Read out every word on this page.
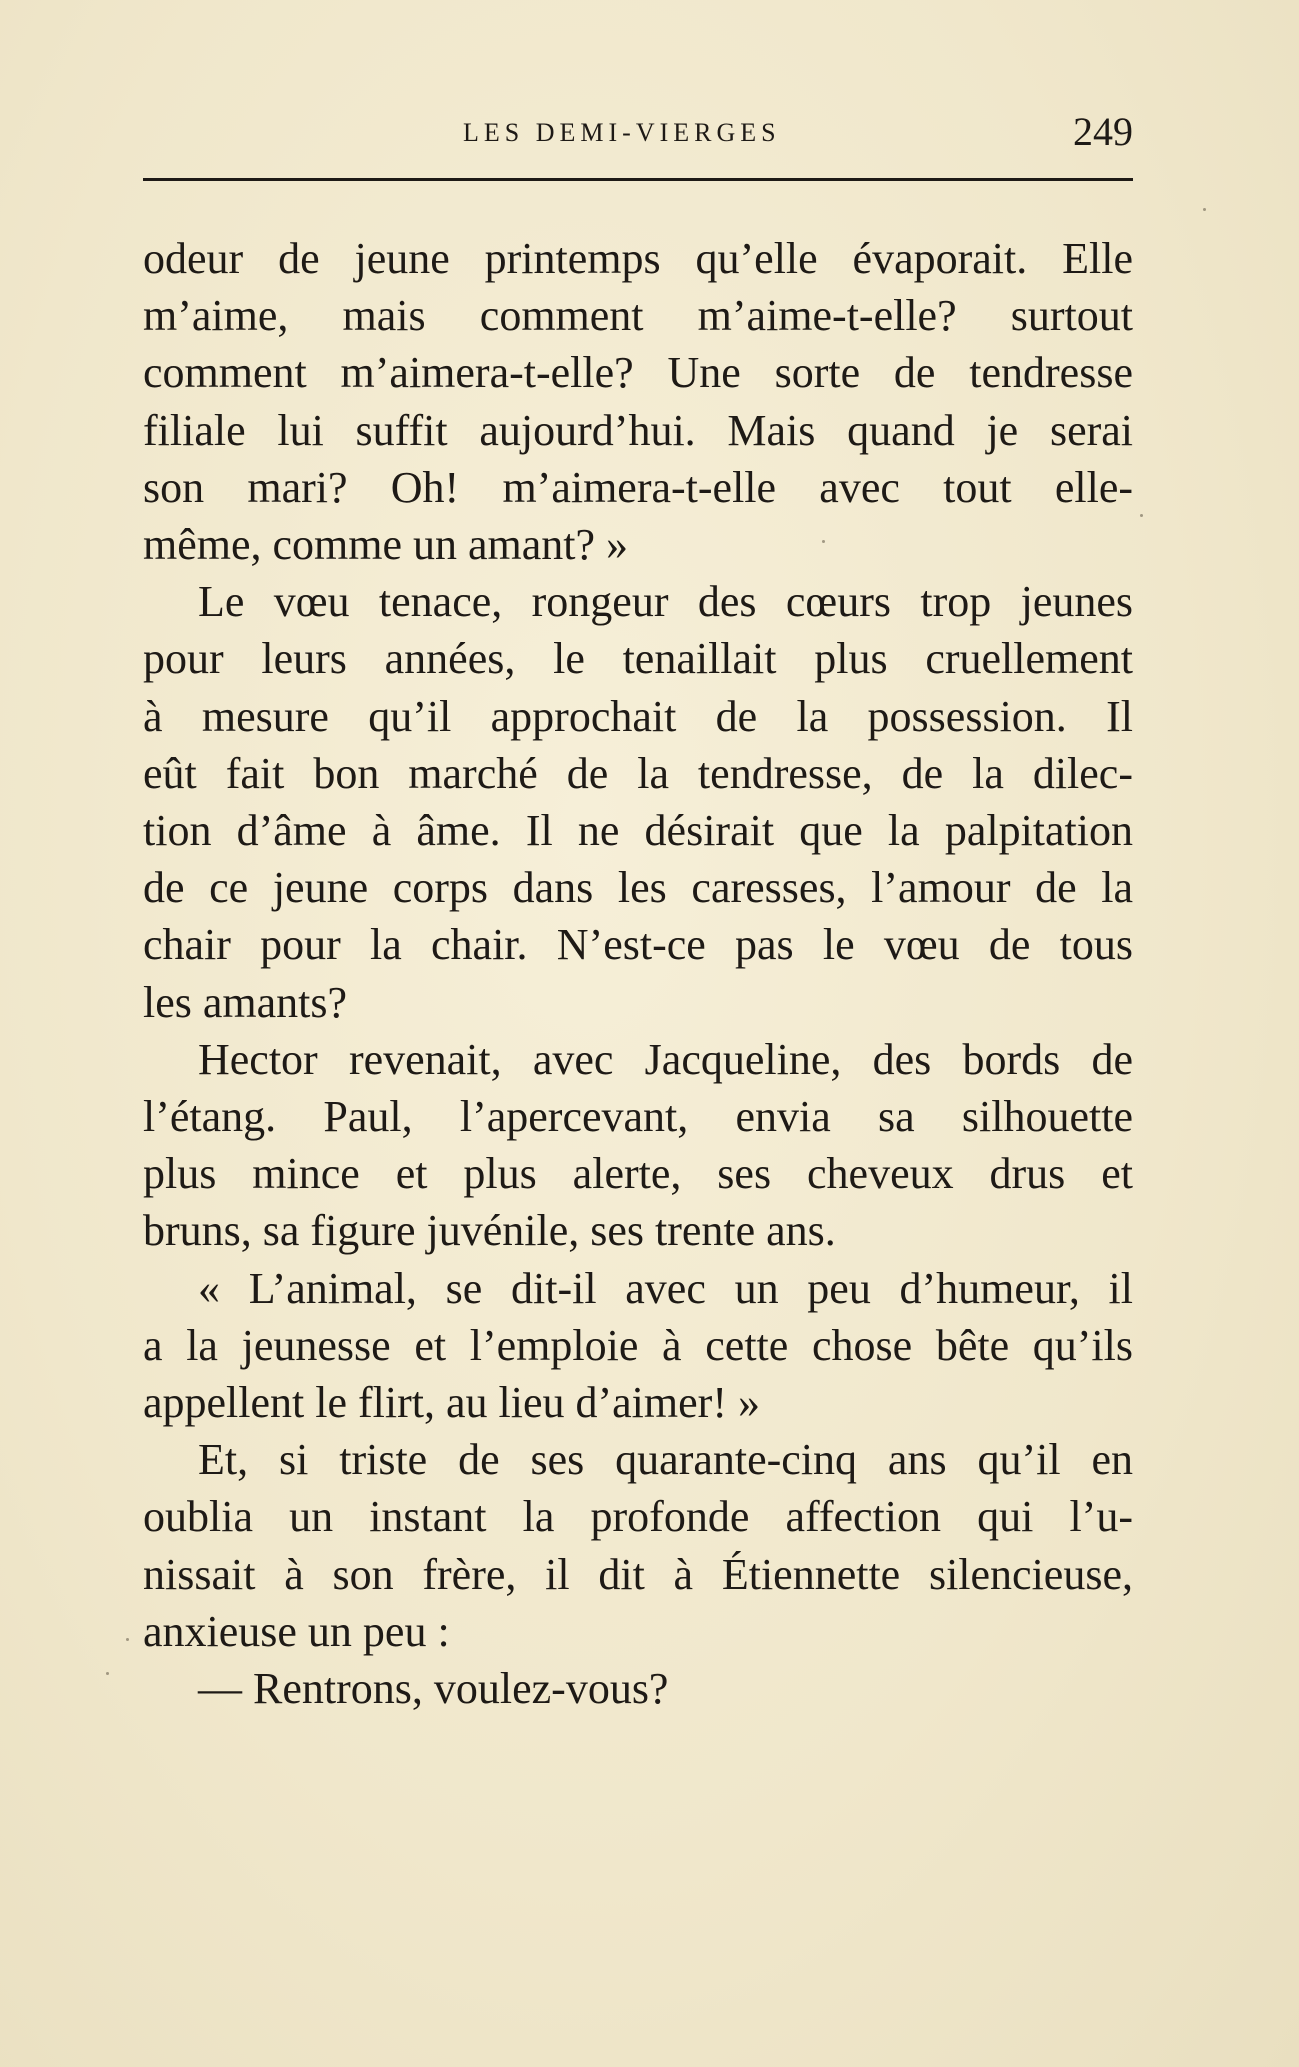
LES DEMI-VIERGES	249

odeur de jeune printemps qu’elle évaporait. Elle

m’aime, mais comment m’aime-t-elle? surtout

comment m’aimera-t-elle? Une sorte de tendresse

filiale lui suffit aujourd’hui. Mais quand je serai

son mari? Oh! m’aimera-t-elle avec tout elle-

même, comme un amant? »

Le vœu tenace, rongeur des cœurs trop jeunes

pour leurs années, le tenaillait plus cruellement

à mesure qu’il approchait de la possession. Il

eût fait bon marché de la tendresse, de la dilec-

tion d’âme à âme. Il ne désirait que la palpitation

de ce jeune corps dans les caresses, l’amour de la

chair pour la chair. N’est-ce pas le vœu de tous

les amants?

Hector revenait, avec Jacqueline, des bords de

l’étang. Paul, l’apercevant, envia sa silhouette

plus mince et plus alerte, ses cheveux drus et

bruns, sa figure juvénile, ses trente ans.

« L’animal, se dit-il avec un peu d’humeur, il

a la jeunesse et l’emploie à cette chose bête qu’ils

appellent le flirt, au lieu d’aimer! »

Et, si triste de ses quarante-cinq ans qu’il en

oublia un instant la profonde affection qui l’u-

nissait à son frère, il dit à Étiennette silencieuse,

anxieuse un peu :

— Rentrons, voulez-vous?
